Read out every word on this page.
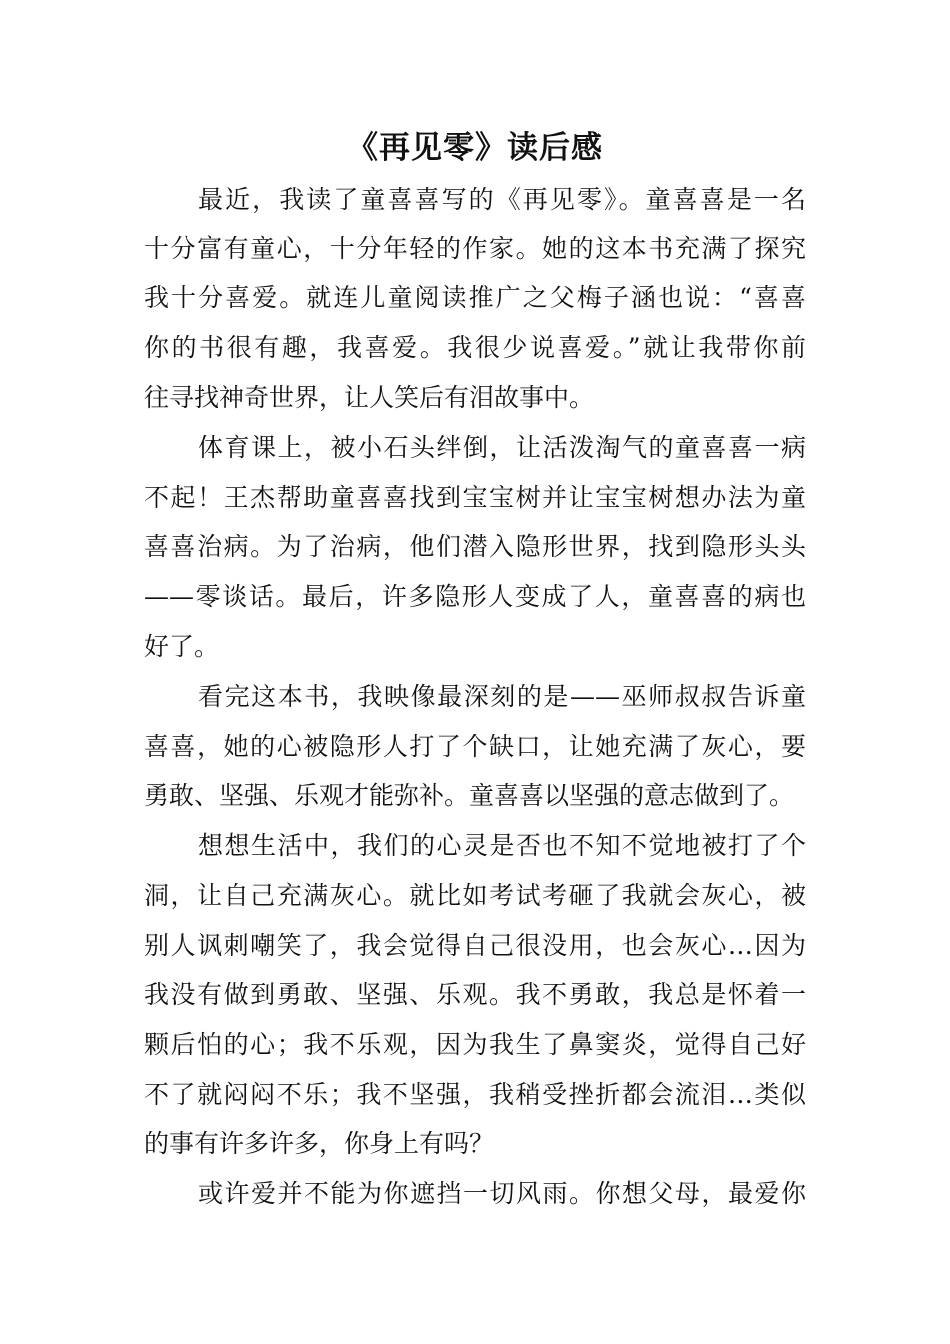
《再见零》读后感

最近，我读了童喜喜写的《再见零》。童喜喜是一名

十分富有童心，十分年轻的作家。她的这本书充满了探究

我十分喜爱。就连儿童阅读推广之父梅子涵也说：“喜喜

你的书很有趣，我喜爱。我很少说喜爱。”就让我带你前

往寻找神奇世界，让人笑后有泪故事中。

体育课上，被小石头绊倒，让活泼淘气的童喜喜一病

不起！王杰帮助童喜喜找到宝宝树并让宝宝树想办法为童

喜喜治病。为了治病，他们潜入隐形世界，找到隐形头头

——零谈话。最后，许多隐形人变成了人，童喜喜的病也

好了。

看完这本书，我映像最深刻的是——巫师叔叔告诉童

喜喜，她的心被隐形人打了个缺口，让她充满了灰心，要

勇敢、坚强、乐观才能弥补。童喜喜以坚强的意志做到了。

想想生活中，我们的心灵是否也不知不觉地被打了个

洞，让自己充满灰心。就比如考试考砸了我就会灰心，被

别人讽刺嘲笑了，我会觉得自己很没用，也会灰心…因为

我没有做到勇敢、坚强、乐观。我不勇敢，我总是怀着一

颗后怕的心；我不乐观，因为我生了鼻窦炎，觉得自己好

不了就闷闷不乐；我不坚强，我稍受挫折都会流泪…类似

的事有许多许多，你身上有吗？

或许爱并不能为你遮挡一切风雨。你想父母，最爱你
